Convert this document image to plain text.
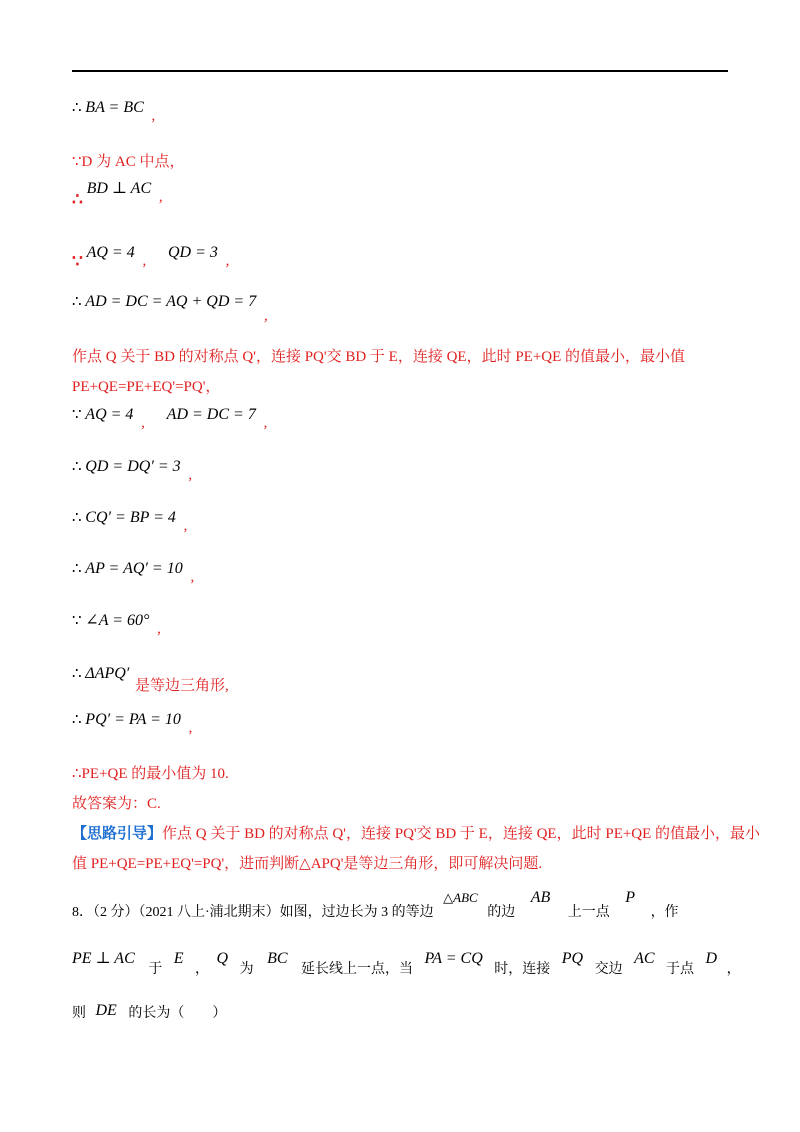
∴ BA = BC ,
∵D 为 AC 中点，
∴ BD ⊥ AC ,
∵ AQ = 4 , QD = 3 ,
∴ AD = DC = AQ + QD = 7 ,
作点 Q 关于 BD 的对称点 Q'，连接 PQ'交 BD 于 E，连接 QE，此时 PE+QE 的值最小，最小值
PE+QE=PE+EQ'=PQ'，
∵ AQ = 4 , AD = DC = 7 ,
∴ QD = DQ′ = 3 ,
∴ CQ′ = BP = 4 ,
∴ AP = AQ′ = 10 ,
∵ ∠A = 60° ,
∴ ΔAPQ′ 是等边三角形,
∴ PQ′ = PA = 10 ,
∴PE+QE 的最小值为 10.
故答案为：C.
【思路引导】作点 Q 关于 BD 的对称点 Q'，连接 PQ'交 BD 于 E，连接 QE，此时 PE+QE 的值最小，最小
值 PE+QE=PE+EQ'=PQ'，进而判断△APQ'是等边三角形，即可解决问题.
8．（2 分）（2021 八上·浦北期末）如图，过边长为 3 的等边 △ABC 的边 AB 上一点 P ，作
PE ⊥ AC 于 E ， Q 为 BC 延长线上一点，当 PA = CQ 时，连接 PQ 交边 AC 于点 D ，
则 DE 的长为（　　）
